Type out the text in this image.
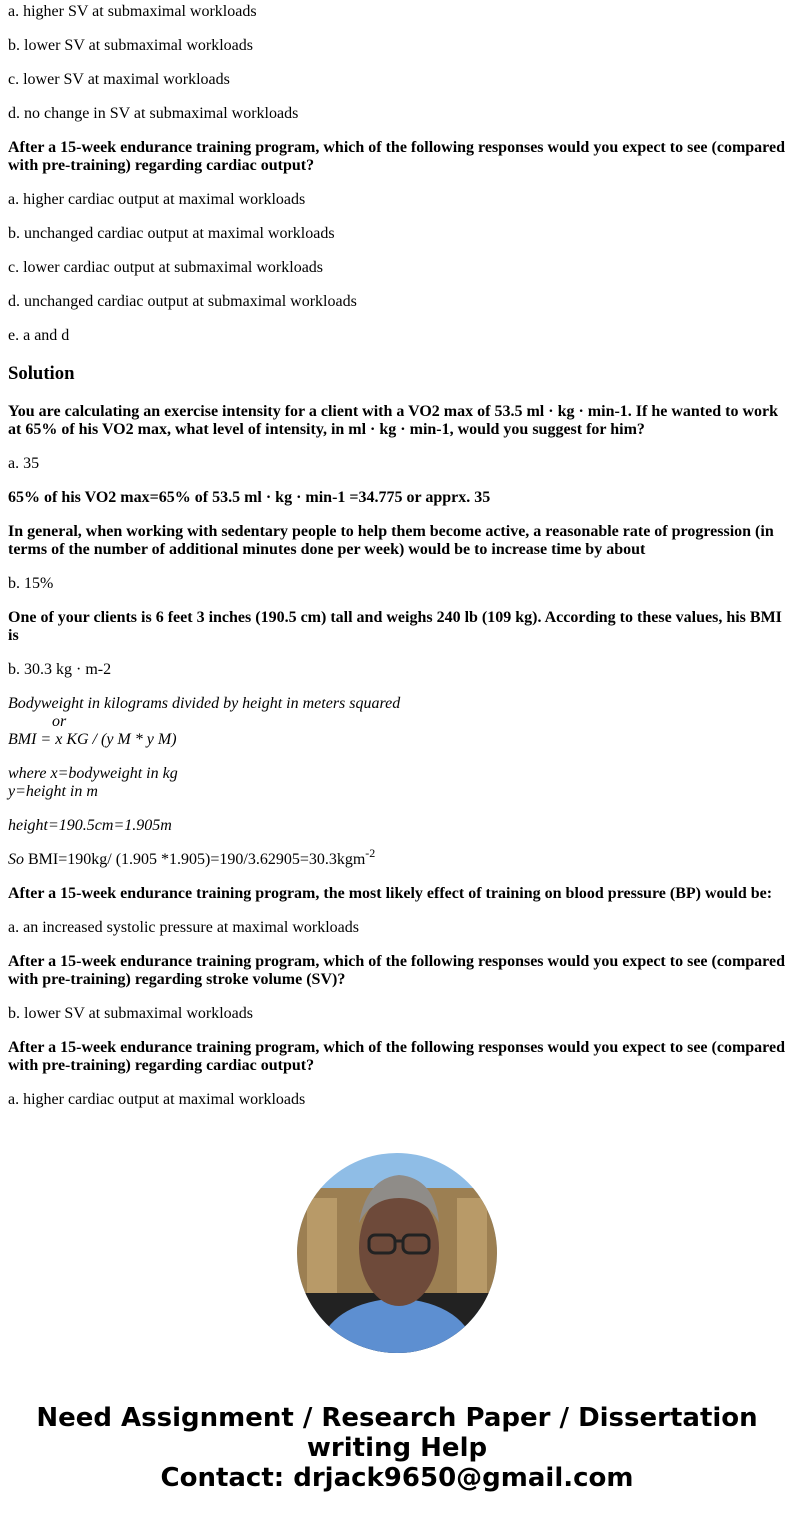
a. higher SV at submaximal workloads

b. lower SV at submaximal workloads

c. lower SV at maximal workloads

d. no change in SV at submaximal workloads

After a 15-week endurance training program, which of the following responses would you expect to see (compared with pre-training) regarding cardiac output?

a. higher cardiac output at maximal workloads

b. unchanged cardiac output at maximal workloads

c. lower cardiac output at submaximal workloads

d. unchanged cardiac output at submaximal workloads

e. a and d

Solution

You are calculating an exercise intensity for a client with a VO2 max of 53.5 ml · kg · min-1. If he wanted to work at 65% of his VO2 max, what level of intensity, in ml · kg · min-1, would you suggest for him?

a. 35

65% of his VO2 max=65% of 53.5 ml · kg · min-1 =34.775 or apprx. 35

In general, when working with sedentary people to help them become active, a reasonable rate of progression (in terms of the number of additional minutes done per week) would be to increase time by about

b. 15%

One of your clients is 6 feet 3 inches (190.5 cm) tall and weighs 240 lb (109 kg). According to these values, his BMI is

b. 30.3 kg · m-2

Bodyweight in kilograms divided by height in meters squared
or
BMI = x KG / (y M * y M)

where x=bodyweight in kg
y=height in m

height=190.5cm=1.905m

So BMI=190kg/ (1.905 *1.905)=190/3.62905=30.3kgm$^{-2}$

After a 15-week endurance training program, the most likely effect of training on blood pressure (BP) would be:

a. an increased systolic pressure at maximal workloads

After a 15-week endurance training program, which of the following responses would you expect to see (compared with pre-training) regarding stroke volume (SV)?

b. lower SV at submaximal workloads

After a 15-week endurance training program, which of the following responses would you expect to see (compared with pre-training) regarding cardiac output?

a. higher cardiac output at maximal workloads

Need Assignment / Research Paper / Dissertation writing Help
Contact: drjack9650@gmail.com
